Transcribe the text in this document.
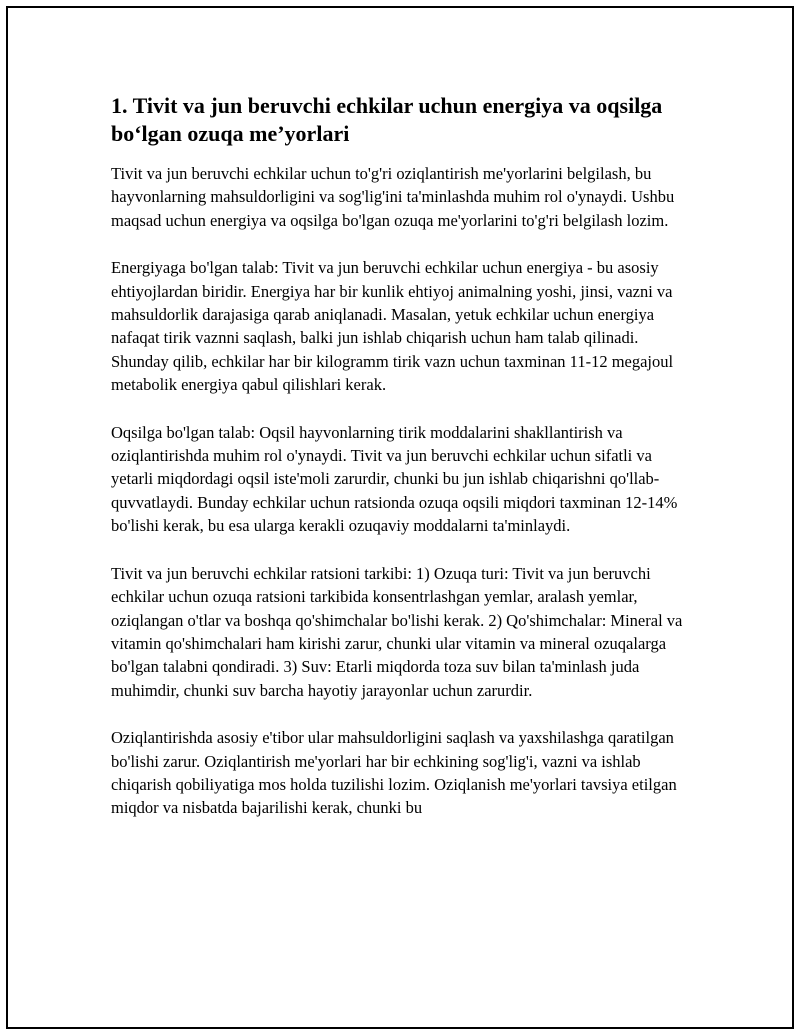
1. Tivit va jun beruvchi echkilar uchun energiya va oqsilga bo‘lgan ozuqa me’yorlari

Tivit va jun beruvchi echkilar uchun to'g'ri oziqlantirish me'yorlarini belgilash, bu hayvonlarning mahsuldorligini va sog'lig'ini ta'minlashda muhim rol o'ynaydi. Ushbu maqsad uchun energiya va oqsilga bo'lgan ozuqa me'yorlarini to'g'ri belgilash lozim.

Energiyaga bo'lgan talab: Tivit va jun beruvchi echkilar uchun energiya - bu asosiy ehtiyojlardan biridir. Energiya har bir kunlik ehtiyoj animalning yoshi, jinsi, vazni va mahsuldorlik darajasiga qarab aniqlanadi. Masalan, yetuk echkilar uchun energiya nafaqat tirik vaznni saqlash, balki jun ishlab chiqarish uchun ham talab qilinadi. Shunday qilib, echkilar har bir kilogramm tirik vazn uchun taxminan 11-12 megajoul metabolik energiya qabul qilishlari kerak.

Oqsilga bo'lgan talab: Oqsil hayvonlarning tirik moddalarini shakllantirish va oziqlantirishda muhim rol o'ynaydi. Tivit va jun beruvchi echkilar uchun sifatli va yetarli miqdordagi oqsil iste'moli zarurdir, chunki bu jun ishlab chiqarishni qo'llab-quvvatlaydi. Bunday echkilar uchun ratsionda ozuqa oqsili miqdori taxminan 12-14% bo'lishi kerak, bu esa ularga kerakli ozuqaviy moddalarni ta'minlaydi.

Tivit va jun beruvchi echkilar ratsioni tarkibi: 1) Ozuqa turi: Tivit va jun beruvchi echkilar uchun ozuqa ratsioni tarkibida konsentrlashgan yemlar, aralash yemlar, oziqlangan o'tlar va boshqa qo'shimchalar bo'lishi kerak. 2) Qo'shimchalar: Mineral va vitamin qo'shimchalari ham kirishi zarur, chunki ular vitamin va mineral ozuqalarga bo'lgan talabni qondiradi. 3) Suv: Etarli miqdorda toza suv bilan ta'minlash juda muhimdir, chunki suv barcha hayotiy jarayonlar uchun zarurdir.

Oziqlantirishda asosiy e'tibor ular mahsuldorligini saqlash va yaxshilashga qaratilgan bo'lishi zarur. Oziqlantirish me'yorlari har bir echkining sog'lig'i, vazni va ishlab chiqarish qobiliyatiga mos holda tuzilishi lozim. Oziqlanish me'yorlari tavsiya etilgan miqdor va nisbatda bajarilishi kerak, chunki bu
